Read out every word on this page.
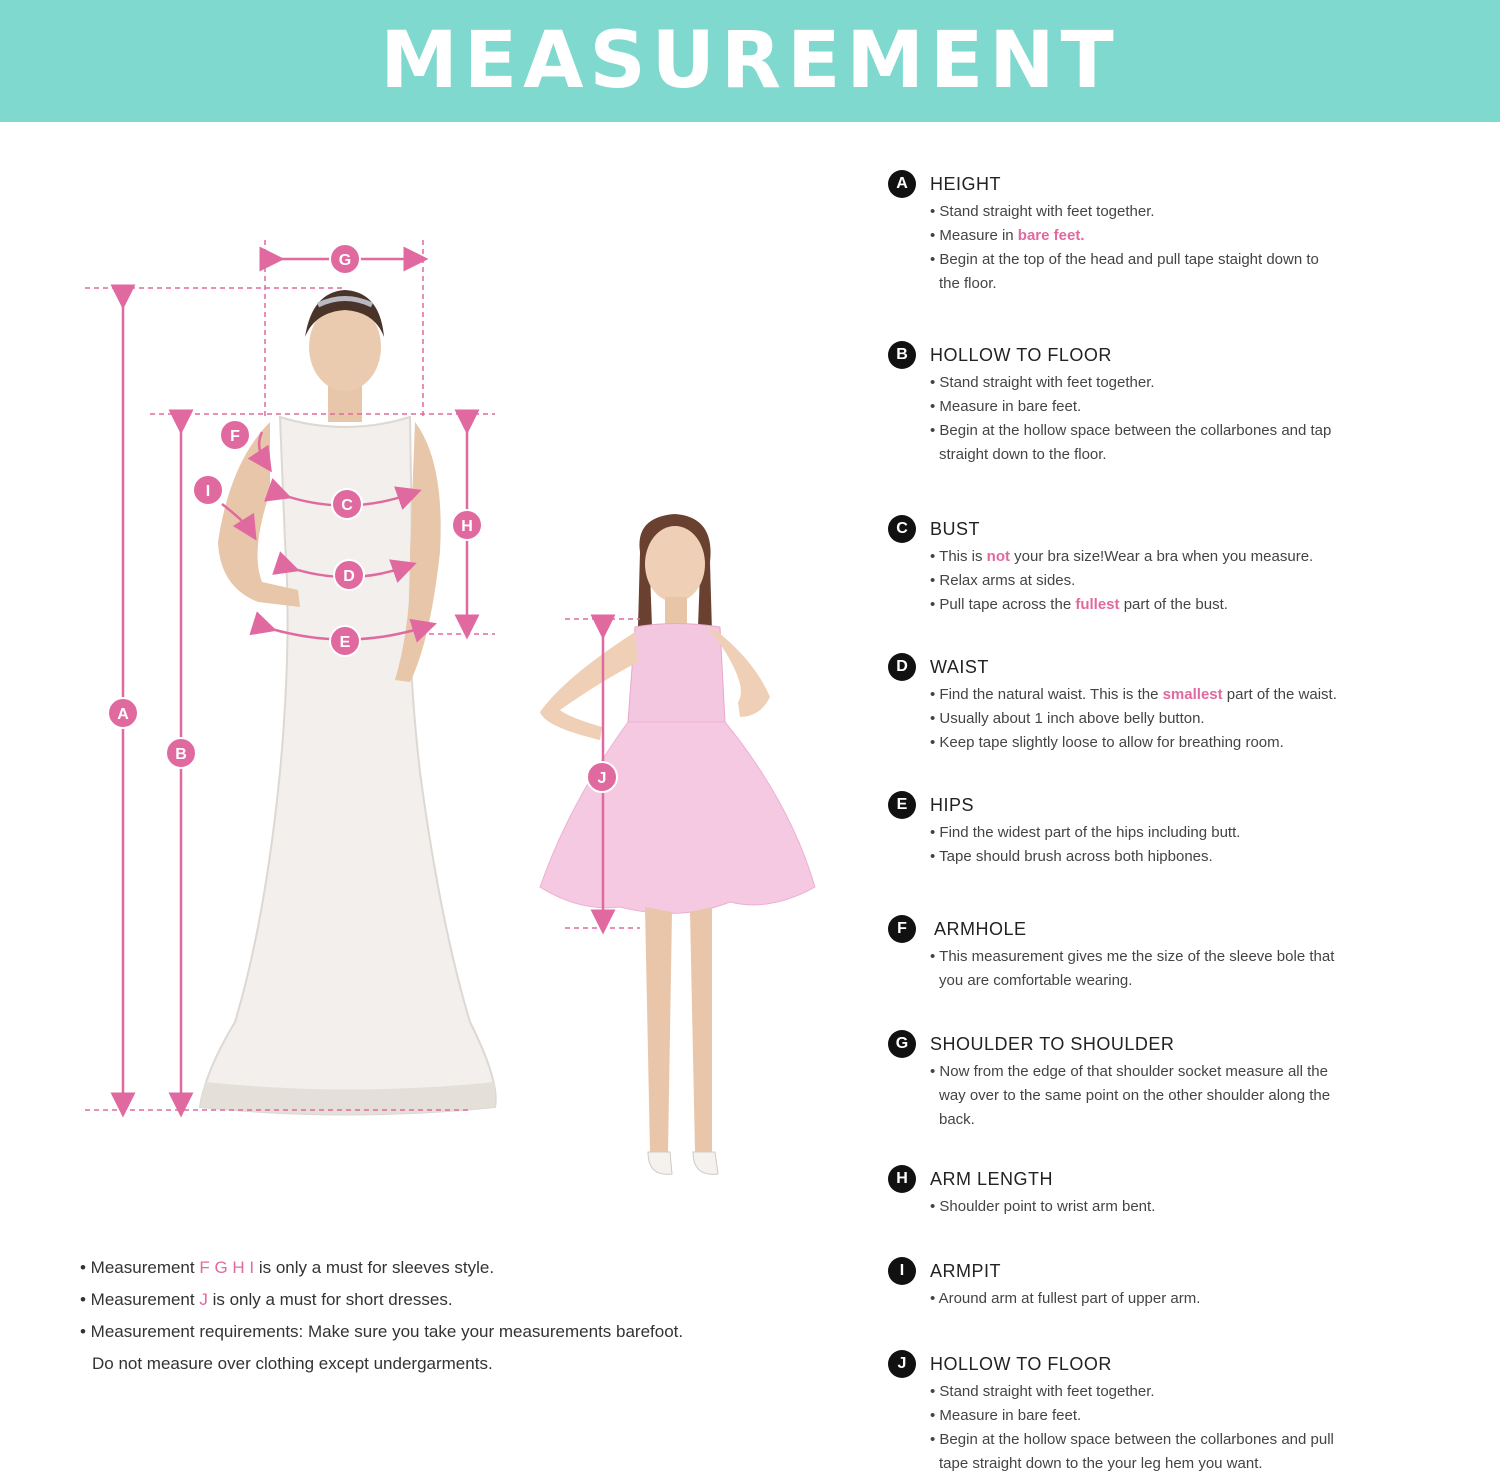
MEASUREMENT
A
B
C
D
E
F
G
H
I
J
• Measurement F G H I is only a must for sleeves style.
• Measurement J is only a must for short dresses.
• Measurement requirements: Make sure you take your measurements barefoot.
Do not measure over clothing except undergarments.
A	HEIGHT
• Stand straight with feet together.
• Measure in bare feet.
• Begin at the top of the head and pull tape staight down to
the floor.
B	HOLLOW TO FLOOR
• Stand straight with feet together.
• Measure in bare feet.
• Begin at the hollow space between the collarbones and tap
straight down to the floor.
C	BUST
• This is not your bra size!Wear a bra when you measure.
• Relax arms at sides.
• Pull tape across the fullest part of the bust.
D	WAIST
• Find the natural waist. This is the smallest part of the waist.
• Usually about 1 inch above belly button.
• Keep tape slightly loose to allow for breathing room.
E	HIPS
• Find the widest part of the hips including butt.
• Tape should brush across both hipbones.
F	ARMHOLE
• This measurement gives me the size of the sleeve bole that
you are comfortable wearing.
G	SHOULDER TO SHOULDER
• Now from the edge of that shoulder socket measure all the
way over to the same point on the other shoulder along the
back.
H	ARM LENGTH
• Shoulder point to wrist arm bent.
I	ARMPIT
• Around arm at fullest part of upper arm.
J	HOLLOW TO FLOOR
• Stand straight with feet together.
• Measure in bare feet.
• Begin at the hollow space between the collarbones and pull
tape straight down to the your leg hem you want.
